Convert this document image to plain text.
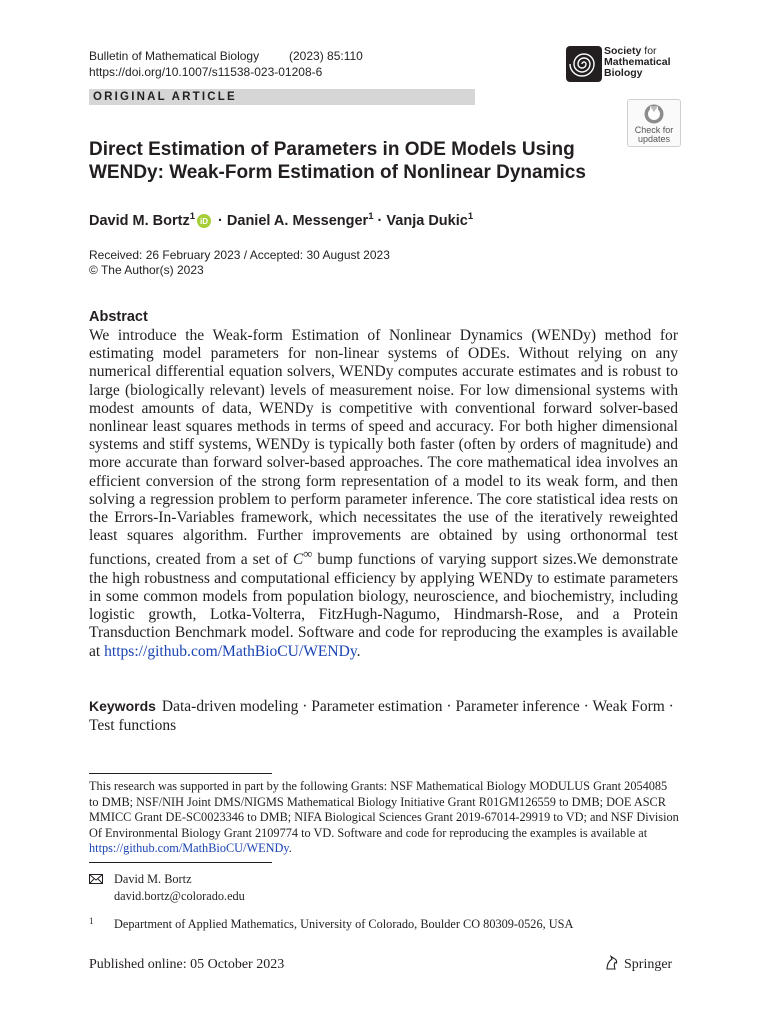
Bulletin of Mathematical Biology (2023) 85:110
https://doi.org/10.1007/s11538-023-01208-6
ORIGINAL ARTICLE
Society for
Mathematical
Biology
Check for
updates
Direct Estimation of Parameters in ODE Models Using
WENDy: Weak-Form Estimation of Nonlinear Dynamics
David M. Bortz$^1$ iD · Daniel A. Messenger$^1$ · Vanja Dukic$^1$
Received: 26 February 2023 / Accepted: 30 August 2023
© The Author(s) 2023
Abstract
We introduce the Weak-form Estimation of Nonlinear Dynamics (WENDy) method for estimating model parameters for non-linear systems of ODEs. Without relying on any numerical differential equation solvers, WENDy computes accurate estimates and is robust to large (biologically relevant) levels of measurement noise. For low dimensional systems with modest amounts of data, WENDy is competitive with conventional forward solver-based nonlinear least squares methods in terms of speed and accuracy. For both higher dimensional systems and stiff systems, WENDy is typically both faster (often by orders of magnitude) and more accurate than forward solver-based approaches. The core mathematical idea involves an efficient conversion of the strong form representation of a model to its weak form, and then solving a regression problem to perform parameter inference. The core statistical idea rests on the Errors-In-Variables framework, which necessitates the use of the iteratively reweighted least squares algorithm. Further improvements are obtained by using orthonormal test functions, created from a set of C∞ bump functions of varying support sizes.We demonstrate the high robustness and computational efficiency by applying WENDy to estimate parameters in some common models from population biology, neuroscience, and biochemistry, including logistic growth, Lotka-Volterra, FitzHugh-Nagumo, Hindmarsh-Rose, and a Protein Transduction Benchmark model. Software and code for reproducing the examples is available at https://github.com/MathBioCU/WENDy.
Keywords Data-driven modeling · Parameter estimation · Parameter inference · Weak Form · Test functions
This research was supported in part by the following Grants: NSF Mathematical Biology MODULUS Grant 2054085 to DMB; NSF/NIH Joint DMS/NIGMS Mathematical Biology Initiative Grant R01GM126559 to DMB; DOE ASCR MMICC Grant DE-SC0023346 to DMB; NIFA Biological Sciences Grant 2019-67014-29919 to VD; and NSF Division Of Environmental Biology Grant 2109774 to VD. Software and code for reproducing the examples is available at https://github.com/MathBioCU/WENDy.
David M. Bortz
david.bortz@colorado.edu
1 Department of Applied Mathematics, University of Colorado, Boulder CO 80309-0526, USA
Published online: 05 October 2023	Springer
